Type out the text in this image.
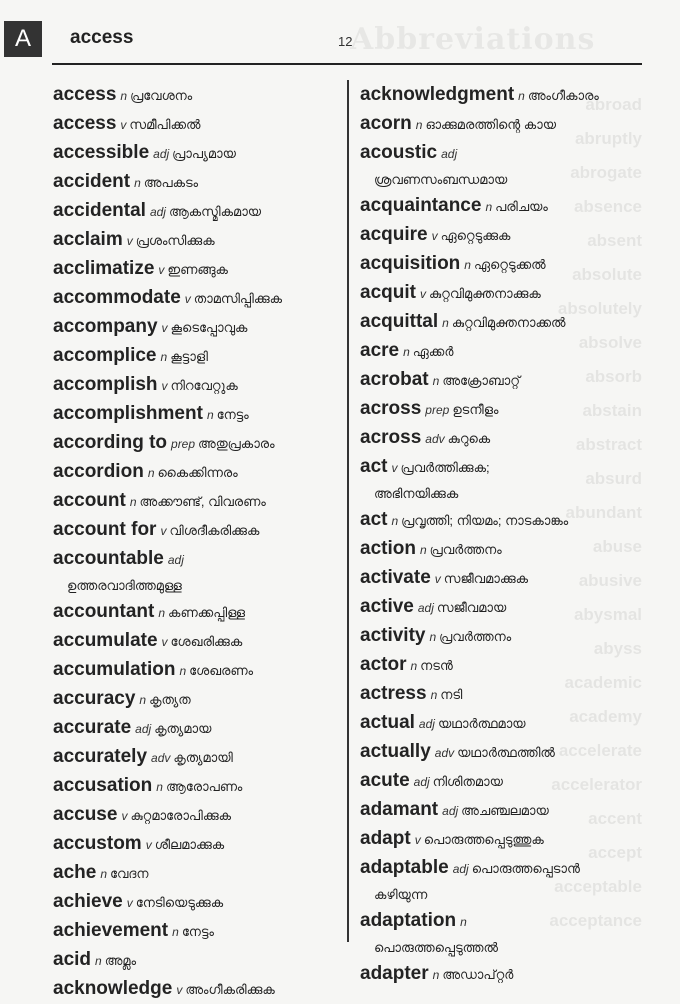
Abbreviations
abroad
abruptly
abrogate
absence
absent
absolute
absolutely
absolve
absorb
abstain
abstract
absurd
abundant
abuse
abusive
abysmal
abyss
academic
academy
accelerate
accelerator
accent
accept
acceptable
acceptance
A	access	12

access n പ്രവേശനം

access v സമീപിക്കൽ

accessible adj പ്രാപ്യമായ

accident n അപകടം

accidental adj ആകസ്മികമായ

acclaim v പ്രശംസിക്കുക

acclimatize v ഇണങ്ങുക

accommodate v താമസിപ്പിക്കുക

accompany v കൂടെപ്പോവുക

accomplice n കൂട്ടാളി

accomplish v നിറവേറ്റുക

accomplishment n നേട്ടം

according to prep അതുപ്രകാരം

accordion n കൈക്കിന്നരം

account n അക്കൗണ്ട്, വിവരണം

account for v വിശദീകരിക്കുക

accountable adj
ഉത്തരവാദിത്തമുള്ള

accountant n കണക്കപ്പിള്ള

accumulate v ശേഖരിക്കുക

accumulation n ശേഖരണം

accuracy n കൃത്യത

accurate adj കൃത്യമായ

accurately adv കൃത്യമായി

accusation n ആരോപണം

accuse v കുറ്റമാരോപിക്കുക

accustom v ശീലമാക്കുക

ache n വേദന

achieve v നേടിയെടുക്കുക

achievement n നേട്ടം

acid n അമ്ലം

acknowledge v അംഗീകരിക്കുക

acknowledgment n അംഗീകാരം

acorn n ഓക്കുമരത്തിന്റെ കായ

acoustic adj
ശ്രവണസംബന്ധമായ

acquaintance n പരിചയം

acquire v ഏറ്റെടുക്കുക

acquisition n ഏറ്റെടുക്കൽ

acquit v കുറ്റവിമുക്തനാക്കുക

acquittal n കുറ്റവിമുക്തനാക്കൽ

acre n ഏക്കർ

acrobat n അക്രോബാറ്റ്

across prep ഉടനീളം

across adv കുറുകെ

act v പ്രവർത്തിക്കുക;
അഭിനയിക്കുക

act n പ്രവൃത്തി; നിയമം; നാടകാങ്കം

action n പ്രവർത്തനം

activate v സജീവമാക്കുക

active adj സജീവമായ

activity n പ്രവർത്തനം

actor n നടൻ

actress n നടി

actual adj യഥാർത്ഥമായ

actually adv യഥാർത്ഥത്തിൽ

acute adj നിശിതമായ

adamant adj അചഞ്ചലമായ

adapt v പൊരുത്തപ്പെടുത്തുക

adaptable adj പൊരുത്തപ്പെടാൻ
കഴിയുന്ന

adaptation n
പൊരുത്തപ്പെടുത്തൽ

adapter n അഡാപ്റ്റർ
